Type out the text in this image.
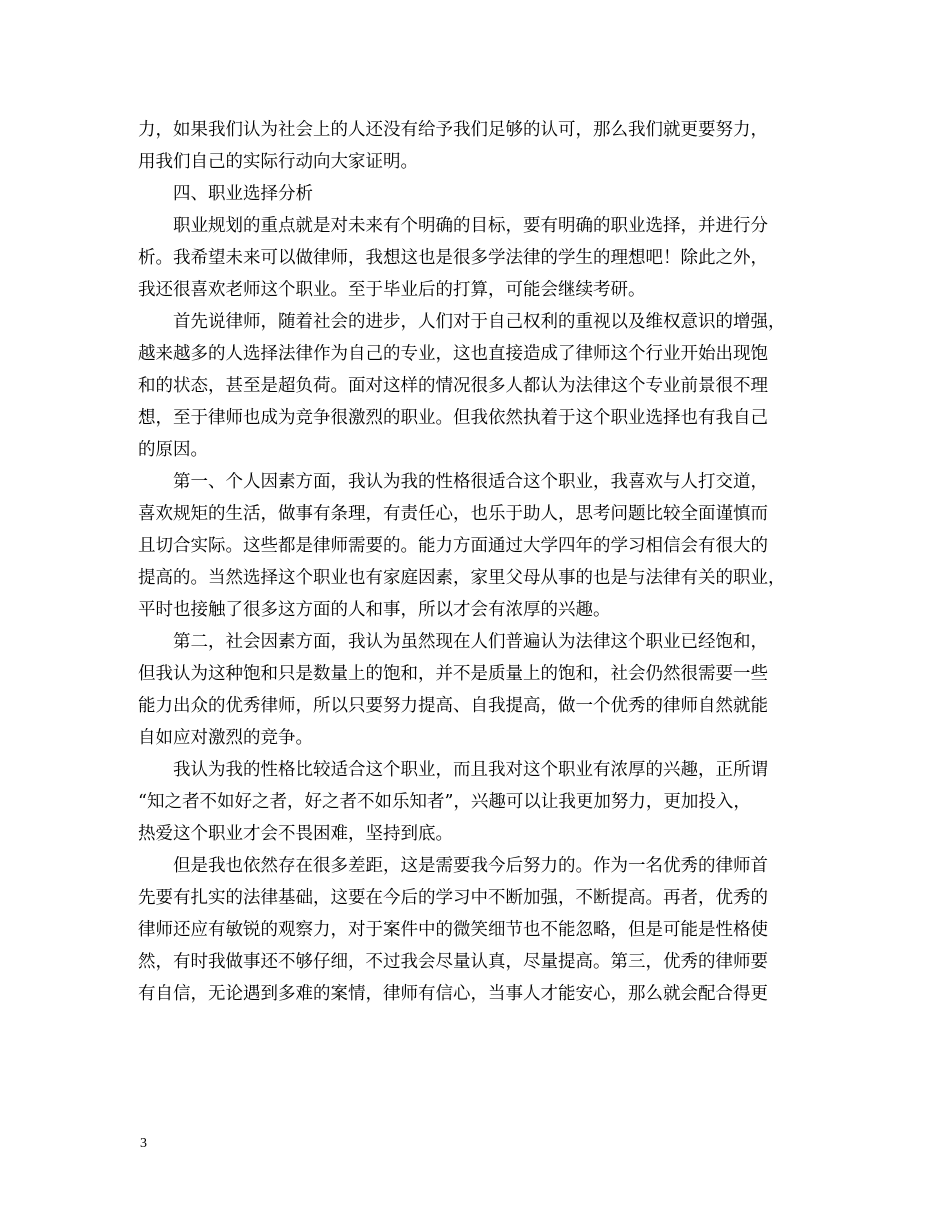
力，如果我们认为社会上的人还没有给予我们足够的认可，那么我们就更要努力，
用我们自己的实际行动向大家证明。
四、职业选择分析
职业规划的重点就是对未来有个明确的目标，要有明确的职业选择，并进行分
析。我希望未来可以做律师，我想这也是很多学法律的学生的理想吧！除此之外，
我还很喜欢老师这个职业。至于毕业后的打算，可能会继续考研。
首先说律师，随着社会的进步，人们对于自己权利的重视以及维权意识的增强，
越来越多的人选择法律作为自己的专业，这也直接造成了律师这个行业开始出现饱
和的状态，甚至是超负荷。面对这样的情况很多人都认为法律这个专业前景很不理
想，至于律师也成为竞争很激烈的职业。但我依然执着于这个职业选择也有我自己
的原因。
第一、个人因素方面，我认为我的性格很适合这个职业，我喜欢与人打交道，
喜欢规矩的生活，做事有条理，有责任心，也乐于助人，思考问题比较全面谨慎而
且切合实际。这些都是律师需要的。能力方面通过大学四年的学习相信会有很大的
提高的。当然选择这个职业也有家庭因素，家里父母从事的也是与法律有关的职业，
平时也接触了很多这方面的人和事，所以才会有浓厚的兴趣。
第二，社会因素方面，我认为虽然现在人们普遍认为法律这个职业已经饱和，
但我认为这种饱和只是数量上的饱和，并不是质量上的饱和，社会仍然很需要一些
能力出众的优秀律师，所以只要努力提高、自我提高，做一个优秀的律师自然就能
自如应对激烈的竞争。
我认为我的性格比较适合这个职业，而且我对这个职业有浓厚的兴趣，正所谓
“知之者不如好之者，好之者不如乐知者”，兴趣可以让我更加努力，更加投入，
热爱这个职业才会不畏困难，坚持到底。
但是我也依然存在很多差距，这是需要我今后努力的。作为一名优秀的律师首
先要有扎实的法律基础，这要在今后的学习中不断加强，不断提高。再者，优秀的
律师还应有敏锐的观察力，对于案件中的微笑细节也不能忽略，但是可能是性格使
然，有时我做事还不够仔细，不过我会尽量认真，尽量提高。第三，优秀的律师要
有自信，无论遇到多难的案情，律师有信心，当事人才能安心，那么就会配合得更
3
